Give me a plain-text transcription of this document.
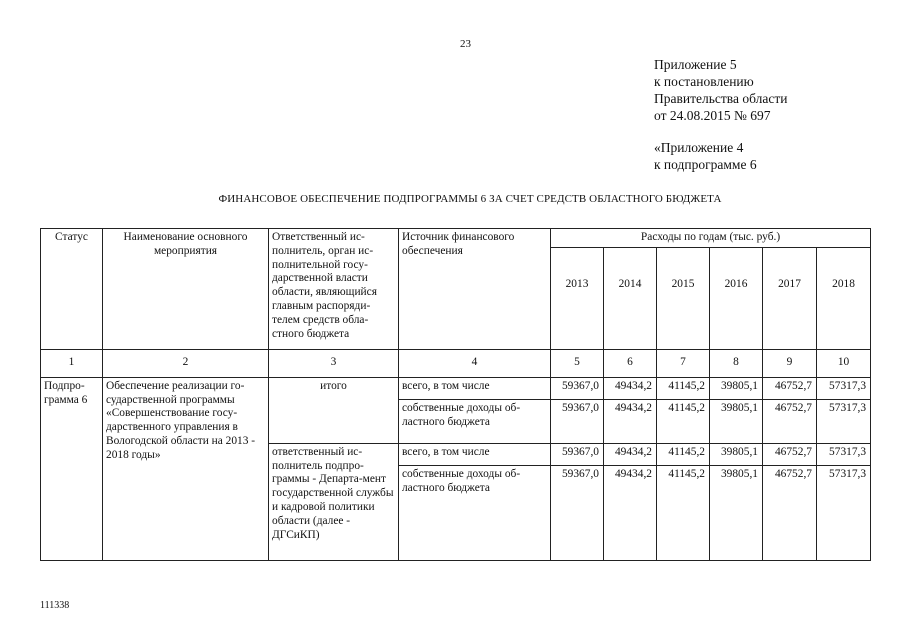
23
Приложение 5
к постановлению
Правительства области
от 24.08.2015 № 697
«Приложение 4
к подпрограмме 6
ФИНАНСОВОЕ ОБЕСПЕЧЕНИЕ ПОДПРОГРАММЫ 6 ЗА СЧЕТ СРЕДСТВ ОБЛАСТНОГО БЮДЖЕТА
Статус	Наименование основного мероприятия	Ответственный ис-полнитель, орган ис-полнительной госу-дарственной власти области, являющийся главным распоряди-телем средств обла-стного бюджета	Источник финансового обеспечения	Расходы по годам (тыс. руб.)					
				2013	2014	2015	2016	2017	2018
1	2	3	4	5	6	7	8	9	10
Подпро-грамма 6	Обеспечение реализации го-сударственной программы «Совершенствование госу-дарственного управления в Вологодской области на 2013 - 2018 годы»	итого	всего, в том числе	59367,0	49434,2	41145,2	39805,1	46752,7	57317,3
			собственные доходы об-ластного бюджета	59367,0	49434,2	41145,2	39805,1	46752,7	57317,3
		ответственный ис-полнитель подпро-граммы - Департа-мент государственной службы и кадровой политики области (далее - ДГСиКП)	всего, в том числе	59367,0	49434,2	41145,2	39805,1	46752,7	57317,3
			собственные доходы об-ластного бюджета	59367,0	49434,2	41145,2	39805,1	46752,7	57317,3
111338
